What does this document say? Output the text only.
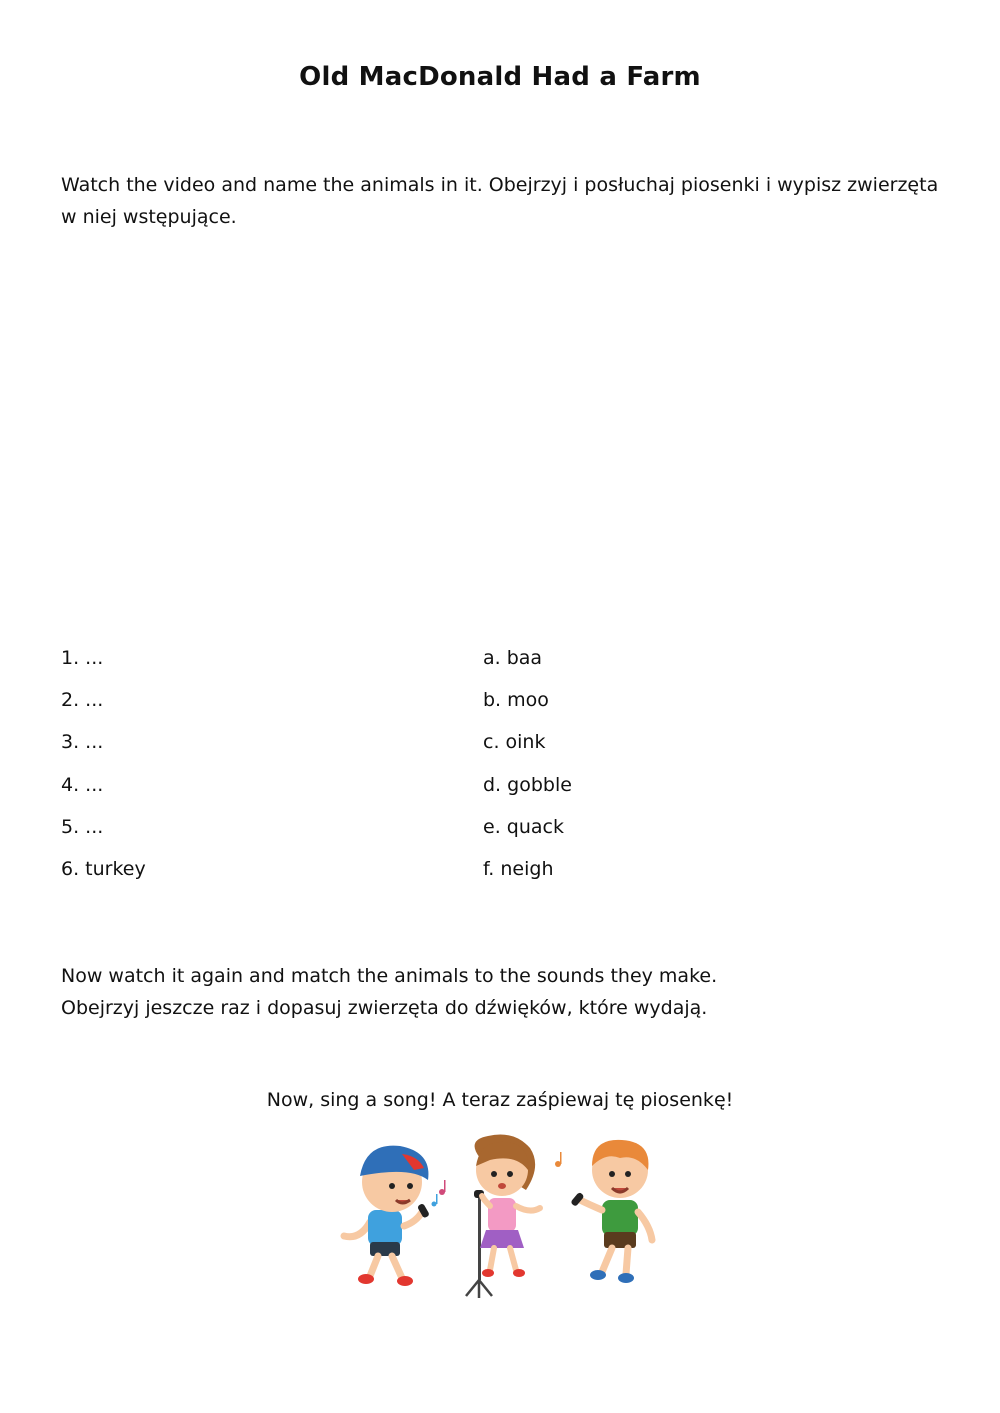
Old MacDonald Had a Farm
Watch the video and name the animals in it. Obejrzyj i posłuchaj piosenki i wypisz zwierzęta w niej wstępujące.
1. ...
2. ...
3. ...
4. ...
5. ...
6. turkey
a. baa
b. moo
c. oink
d. gobble
e. quack
f. neigh
Now watch it again and match the animals to the sounds they make.
Obejrzyj jeszcze raz i dopasuj zwierzęta do dźwięków, które wydają.
Now, sing a song! A teraz zaśpiewaj tę piosenkę!
